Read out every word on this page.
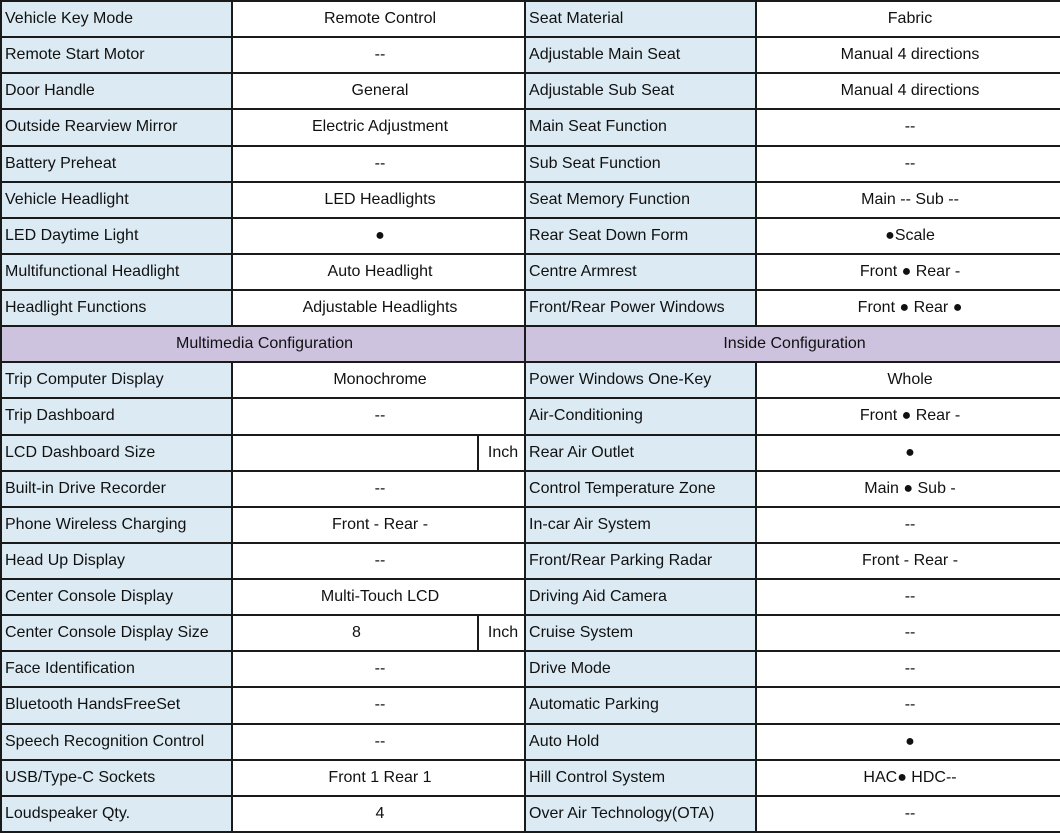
Vehicle Key Mode	Remote Control		Seat Material	Fabric
Remote Start Motor	--		Adjustable Main Seat	Manual 4 directions
Door Handle	General		Adjustable Sub Seat	Manual 4 directions
Outside Rearview Mirror	Electric Adjustment		Main Seat Function	--
Battery Preheat	--		Sub Seat Function	--
Vehicle Headlight	LED Headlights		Seat Memory Function	Main -- Sub --
LED Daytime Light	●		Rear Seat Down Form	●Scale
Multifunctional Headlight	Auto Headlight		Centre Armrest	Front ● Rear -
Headlight Functions	Adjustable Headlights		Front/Rear Power Windows	Front ● Rear ●
Multimedia Configuration			Inside Configuration	
Trip Computer Display	Monochrome		Power Windows One-Key	Whole
Trip Dashboard	--		Air-Conditioning	Front ● Rear -
LCD Dashboard Size		Inch	Rear Air Outlet	●
Built-in Drive Recorder	--		Control Temperature Zone	Main ● Sub -
Phone Wireless Charging	Front - Rear -		In-car Air System	--
Head Up Display	--		Front/Rear Parking Radar	Front - Rear -
Center Console Display	Multi-Touch LCD		Driving Aid Camera	--
Center Console Display Size	8	Inch	Cruise System	--
Face Identification	--		Drive Mode	--
Bluetooth HandsFreeSet	--		Automatic Parking	--
Speech Recognition Control	--		Auto Hold	●
USB/Type-C Sockets	Front 1 Rear 1		Hill Control System	HAC● HDC--
Loudspeaker Qty.	4		Over Air Technology(OTA)	--
